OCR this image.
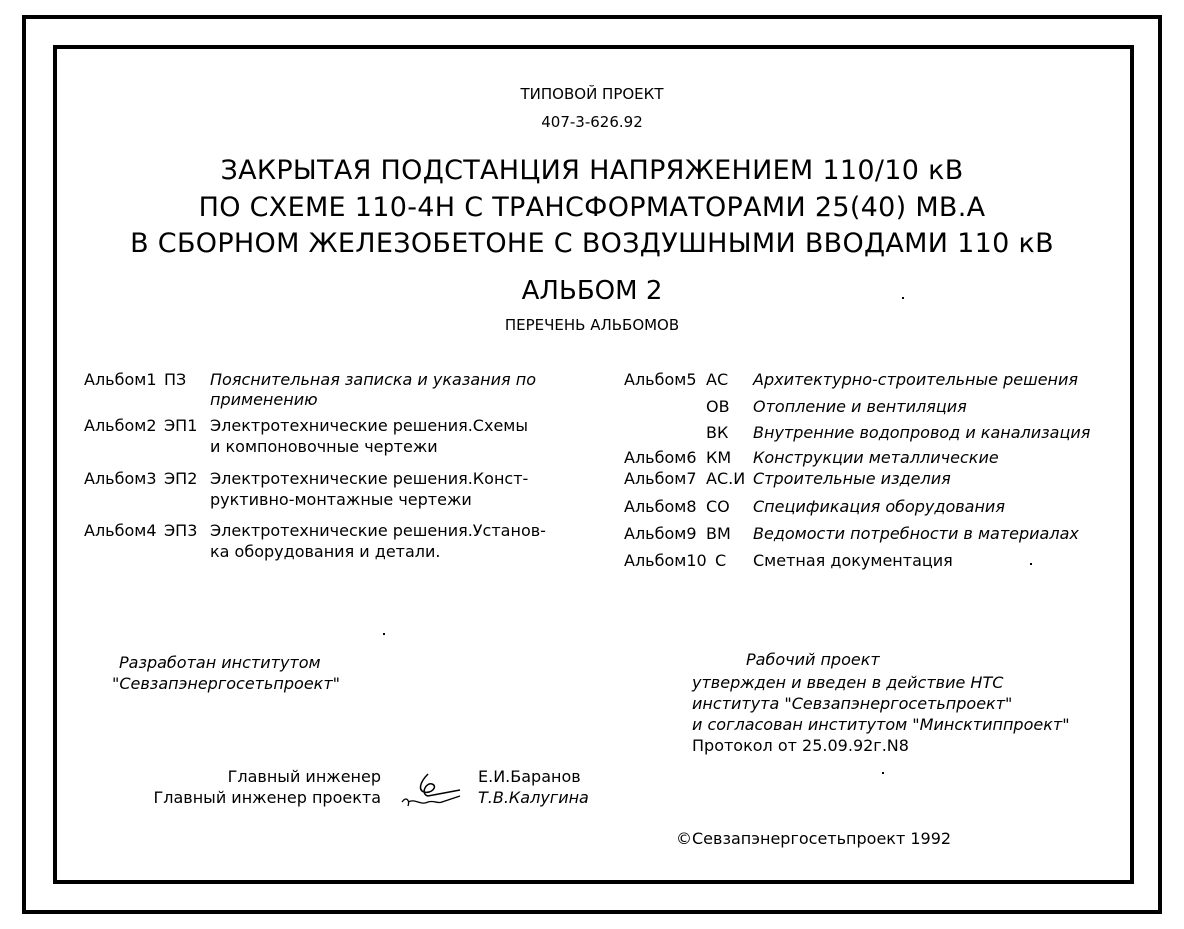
ТИПОВОЙ ПРОЕКТ
407-3-626.92
ЗАКРЫТАЯ ПОДСТАНЦИЯ НАПРЯЖЕНИЕМ 110/10 кВ
ПО СХЕМЕ 110-4Н С ТРАНСФОРМАТОРАМИ 25(40) МВ.А
В СБОРНОМ ЖЕЛЕЗОБЕТОНЕ С ВОЗДУШНЫМИ ВВОДАМИ 110 кВ
АЛЬБОМ 2
ПЕРЕЧЕНЬ АЛЬБОМОВ
Альбом1 ПЗ Пояснительная записка и указания по
применению
Альбом2 ЭП1 Электротехнические решения.Схемы
и компоновочные чертежи
Альбом3 ЭП2 Электротехнические решения.Конст-
руктивно-монтажные чертежи
Альбом4 ЭП3 Электротехнические решения.Установ-
ка оборудования и детали.
Альбом5 АС Архитектурно-строительные решения
ОВ Отопление и вентиляция
ВК Внутренние водопровод и канализация
Альбом6 КМ Конструкции металлические
Альбом7 АС.И Строительные изделия
Альбом8 СО Спецификация оборудования
Альбом9 ВМ Ведомости потребности в материалах
Альбом10 С Сметная документация
Разработан институтом
"Севзапэнергосетьпроект"
Рабочий проект
утвержден и введен в действие НТС
института "Севзапэнергосетьпроект"
и согласован институтом "Минсктиппроект"
Протокол от 25.09.92г.N8
Главный инженер
Главный инженер проекта
Е.И.Баранов
Т.В.Калугина
©Севзапэнергосетьпроект 1992
